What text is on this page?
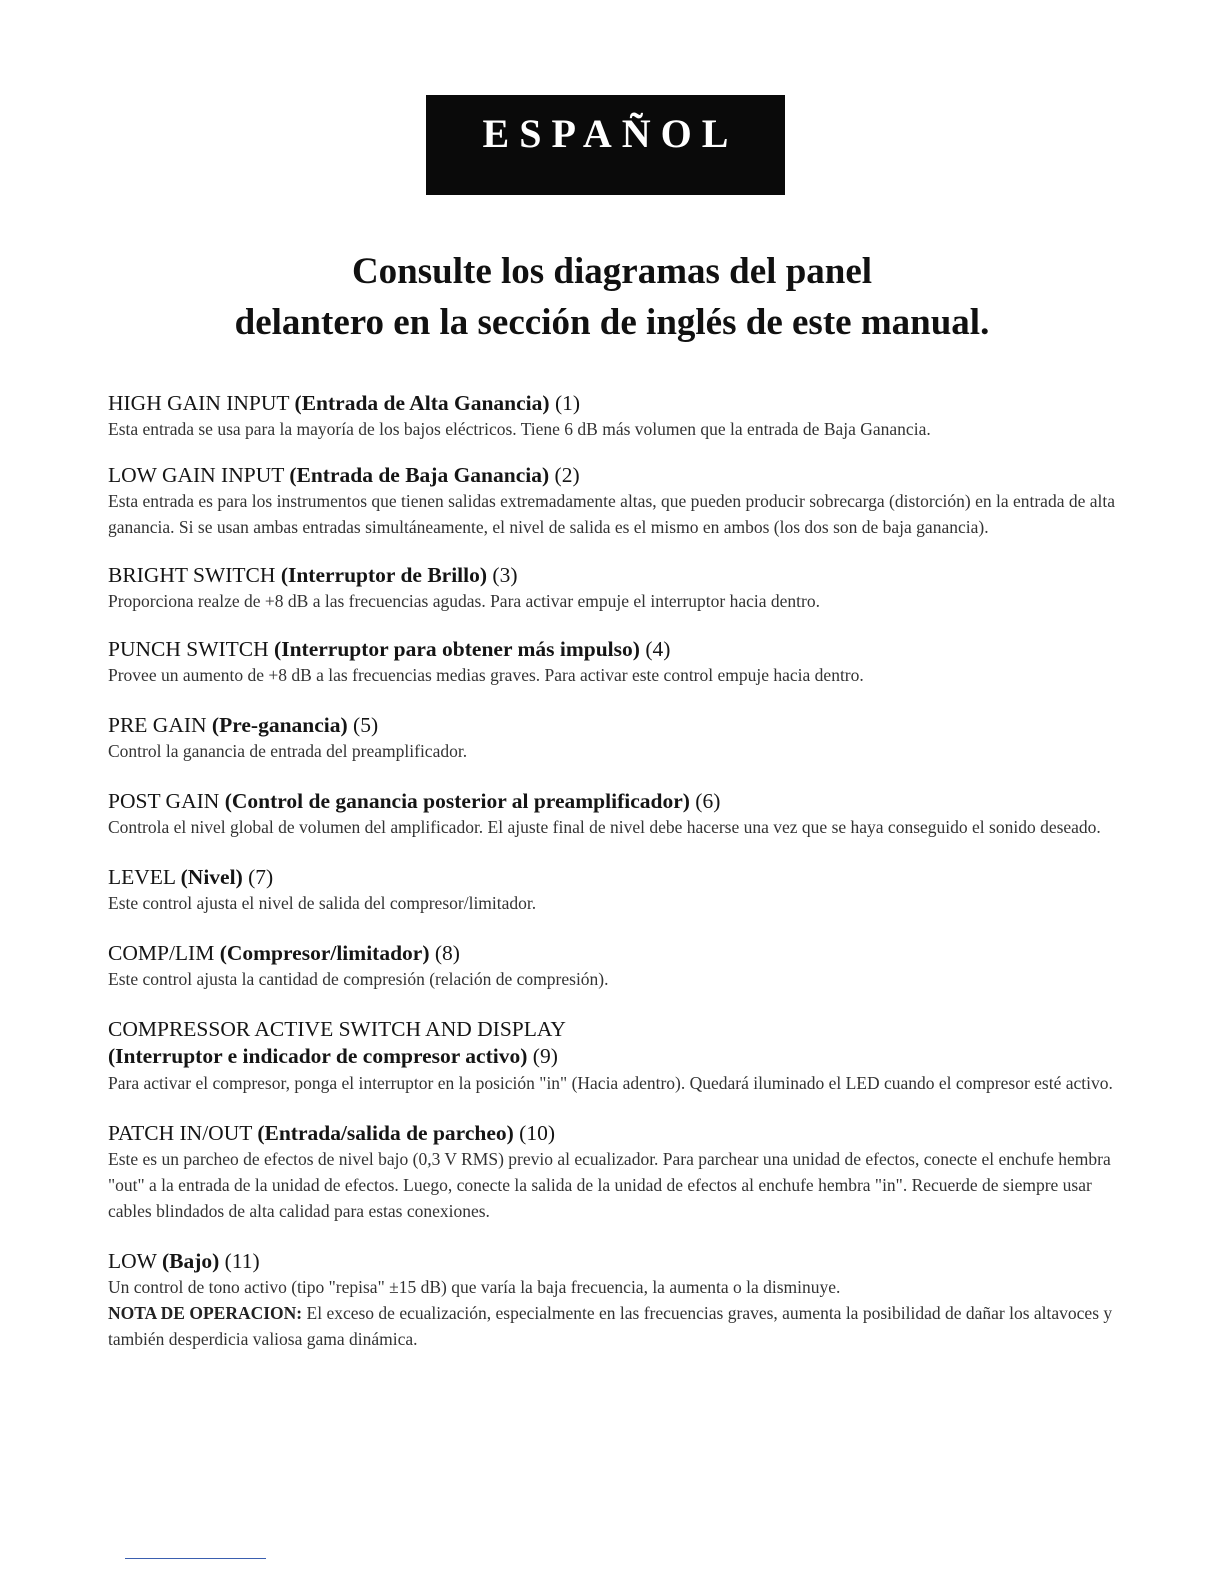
ESPAÑOL
Consulte los diagramas del panel
delantero en la sección de inglés de este manual.
HIGH GAIN INPUT (Entrada de Alta Ganancia) (1)
Esta entrada se usa para la mayoría de los bajos eléctricos. Tiene 6 dB más volumen que la entrada de Baja Ganancia.
LOW GAIN INPUT (Entrada de Baja Ganancia) (2)
Esta entrada es para los instrumentos que tienen salidas extremadamente altas, que pueden producir sobrecarga (distorción) en la entrada de alta ganancia. Si se usan ambas entradas simultáneamente, el nivel de salida es el mismo en ambos (los dos son de baja ganancia).
BRIGHT SWITCH (Interruptor de Brillo) (3)
Proporciona realze de +8 dB a las frecuencias agudas. Para activar empuje el interruptor hacia dentro.
PUNCH SWITCH (Interruptor para obtener más impulso) (4)
Provee un aumento de +8 dB a las frecuencias medias graves. Para activar este control empuje hacia dentro.
PRE GAIN (Pre-ganancia) (5)
Control la ganancia de entrada del preamplificador.
POST GAIN (Control de ganancia posterior al preamplificador) (6)
Controla el nivel global de volumen del amplificador. El ajuste final de nivel debe hacerse una vez que se haya conseguido el sonido deseado.
LEVEL (Nivel) (7)
Este control ajusta el nivel de salida del compresor/limitador.
COMP/LIM (Compresor/limitador) (8)
Este control ajusta la cantidad de compresión (relación de compresión).
COMPRESSOR ACTIVE SWITCH AND DISPLAY
(Interruptor e indicador de compresor activo) (9)
Para activar el compresor, ponga el interruptor en la posición "in" (Hacia adentro). Quedará iluminado el LED cuando el compresor esté activo.
PATCH IN/OUT (Entrada/salida de parcheo) (10)
Este es un parcheo de efectos de nivel bajo (0,3 V RMS) previo al ecualizador. Para parchear una unidad de efectos, conecte el enchufe hembra "out" a la entrada de la unidad de efectos. Luego, conecte la salida de la unidad de efectos al enchufe hembra "in". Recuerde de siempre usar cables blindados de alta calidad para estas conexiones.
LOW (Bajo) (11)
Un control de tono activo (tipo "repisa" ±15 dB) que varía la baja frecuencia, la aumenta o la disminuye.
NOTA DE OPERACION: El exceso de ecualización, especialmente en las frecuencias graves, aumenta la posibilidad de dañar los altavoces y también desperdicia valiosa gama dinámica.
